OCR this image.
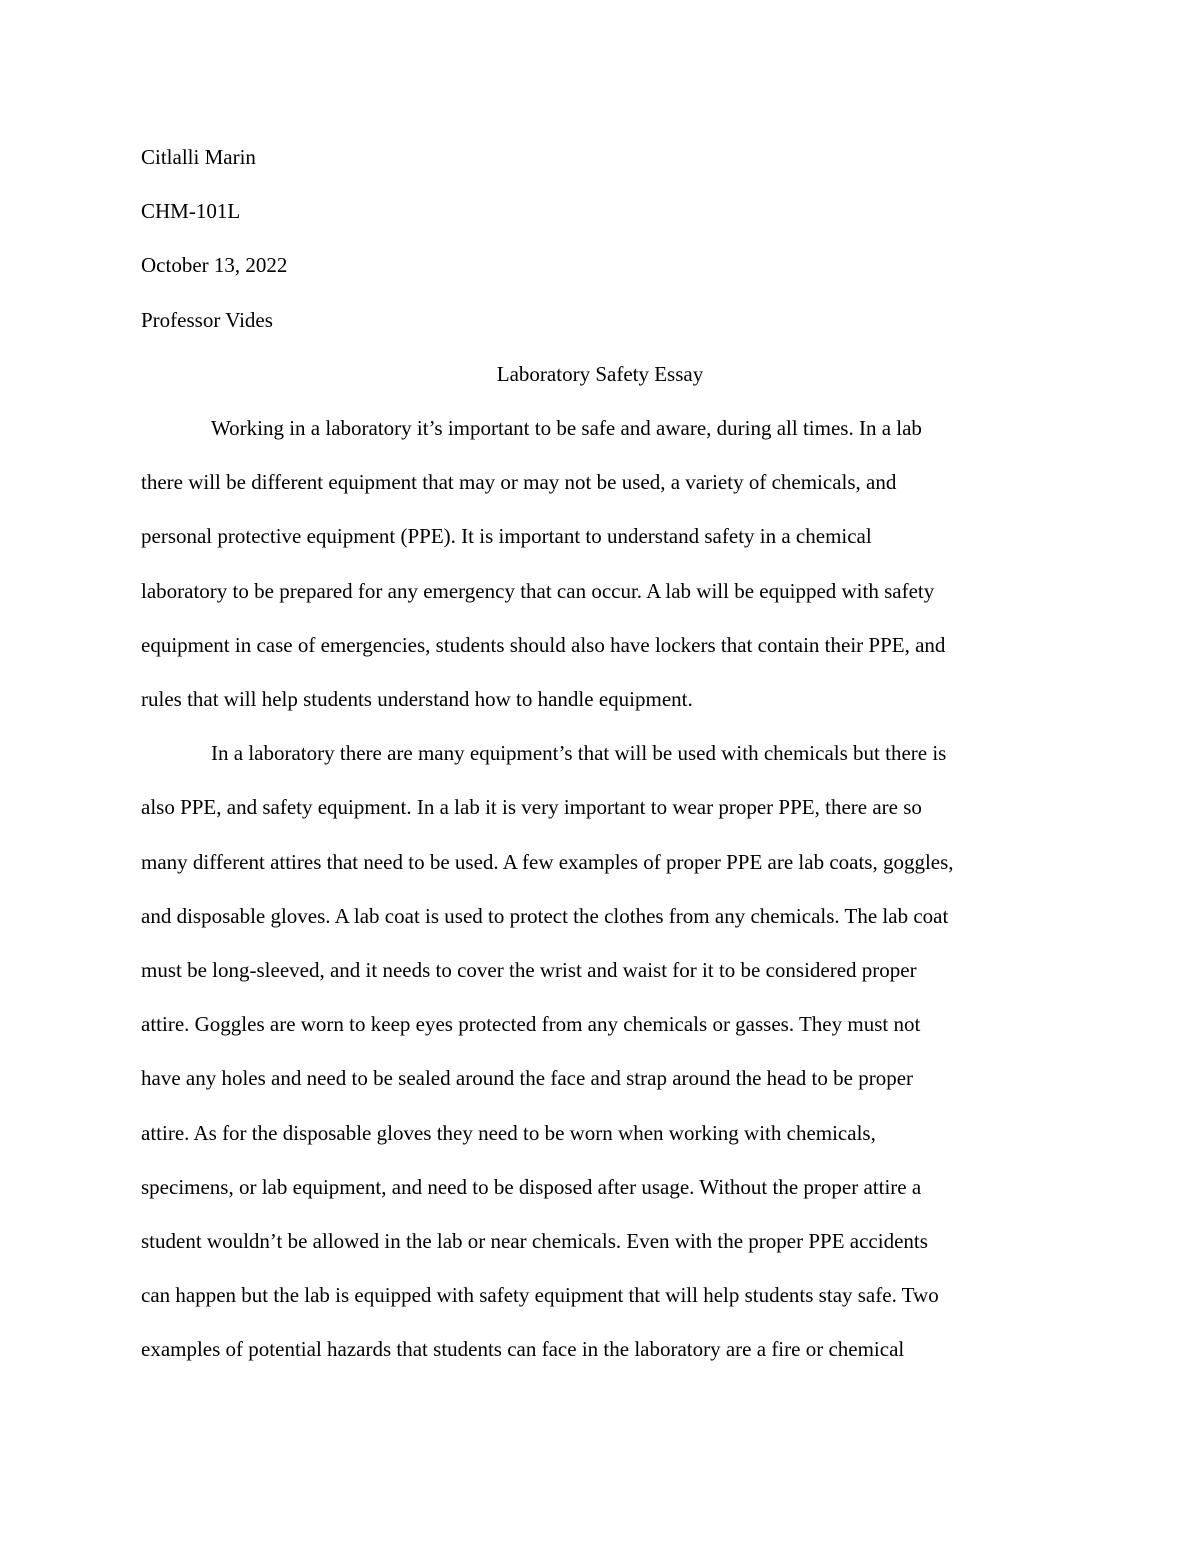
Citlalli Marin
CHM-101L
October 13, 2022
Professor Vides
Laboratory Safety Essay
Working in a laboratory it’s important to be safe and aware, during all times. In a lab
there will be different equipment that may or may not be used, a variety of chemicals, and
personal protective equipment (PPE). It is important to understand safety in a chemical
laboratory to be prepared for any emergency that can occur. A lab will be equipped with safety
equipment in case of emergencies, students should also have lockers that contain their PPE, and
rules that will help students understand how to handle equipment.
In a laboratory there are many equipment’s that will be used with chemicals but there is
also PPE, and safety equipment. In a lab it is very important to wear proper PPE, there are so
many different attires that need to be used. A few examples of proper PPE are lab coats, goggles,
and disposable gloves. A lab coat is used to protect the clothes from any chemicals. The lab coat
must be long-sleeved, and it needs to cover the wrist and waist for it to be considered proper
attire. Goggles are worn to keep eyes protected from any chemicals or gasses. They must not
have any holes and need to be sealed around the face and strap around the head to be proper
attire. As for the disposable gloves they need to be worn when working with chemicals,
specimens, or lab equipment, and need to be disposed after usage. Without the proper attire a
student wouldn’t be allowed in the lab or near chemicals. Even with the proper PPE accidents
can happen but the lab is equipped with safety equipment that will help students stay safe. Two
examples of potential hazards that students can face in the laboratory are a fire or chemical
